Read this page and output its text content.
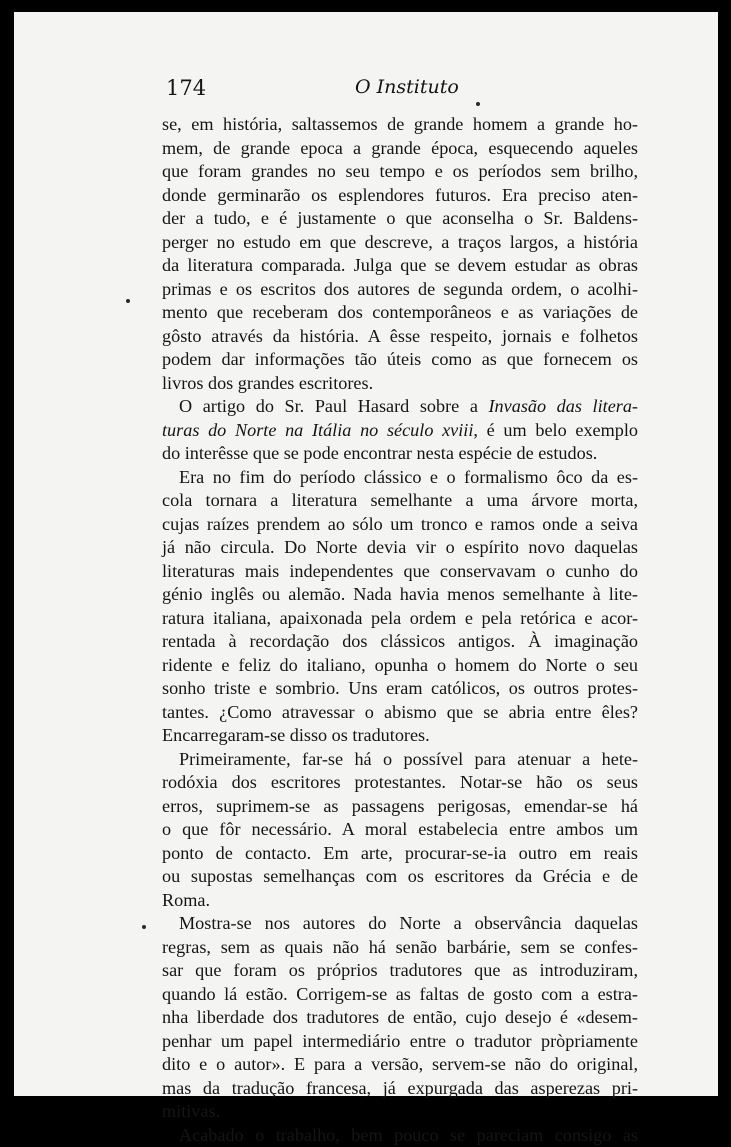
174	O Instituto
se, em história, saltassemos de grande homem a grande ho-
mem, de grande epoca a grande época, esquecendo aqueles
que foram grandes no seu tempo e os períodos sem brilho,
donde germinarão os esplendores futuros. Era preciso aten-
der a tudo, e é justamente o que aconselha o Sr. Baldens-
perger no estudo em que descreve, a traços largos, a história
da literatura comparada. Julga que se devem estudar as obras
primas e os escritos dos autores de segunda ordem, o acolhi-
mento que receberam dos contemporâneos e as variações de
gôsto através da história. A êsse respeito, jornais e folhetos
podem dar informações tão úteis como as que fornecem os
livros dos grandes escritores.
O artigo do Sr. Paul Hasard sobre a Invasão das litera-
turas do Norte na Itália no século xviii, é um belo exemplo
do interêsse que se pode encontrar nesta espécie de estudos.
Era no fim do período clássico e o formalismo ôco da es-
cola tornara a literatura semelhante a uma árvore morta,
cujas raízes prendem ao sólo um tronco e ramos onde a seiva
já não circula. Do Norte devia vir o espírito novo daquelas
literaturas mais independentes que conservavam o cunho do
génio inglês ou alemão. Nada havia menos semelhante à lite-
ratura italiana, apaixonada pela ordem e pela retórica e acor-
rentada à recordação dos clássicos antigos. À imaginação
ridente e feliz do italiano, opunha o homem do Norte o seu
sonho triste e sombrio. Uns eram católicos, os outros protes-
tantes. ¿Como atravessar o abismo que se abria entre êles?
Encarregaram-se disso os tradutores.
Primeiramente, far-se há o possível para atenuar a hete-
rodóxia dos escritores protestantes. Notar-se hão os seus
erros, suprimem-se as passagens perigosas, emendar-se há
o que fôr necessário. A moral estabelecia entre ambos um
ponto de contacto. Em arte, procurar-se-ia outro em reais
ou supostas semelhanças com os escritores da Grécia e de
Roma.
Mostra-se nos autores do Norte a observância daquelas
regras, sem as quais não há senão barbárie, sem se confes-
sar que foram os próprios tradutores que as introduziram,
quando lá estão. Corrigem-se as faltas de gosto com a estra-
nha liberdade dos tradutores de então, cujo desejo é «desem-
penhar um papel intermediário entre o tradutor pròpriamente
dito e o autor». E para a versão, servem-se não do original,
mas da tradução francesa, já expurgada das asperezas pri-
mitivas.
Acabado o trabalho, bem pouco se pareciam consigo as
